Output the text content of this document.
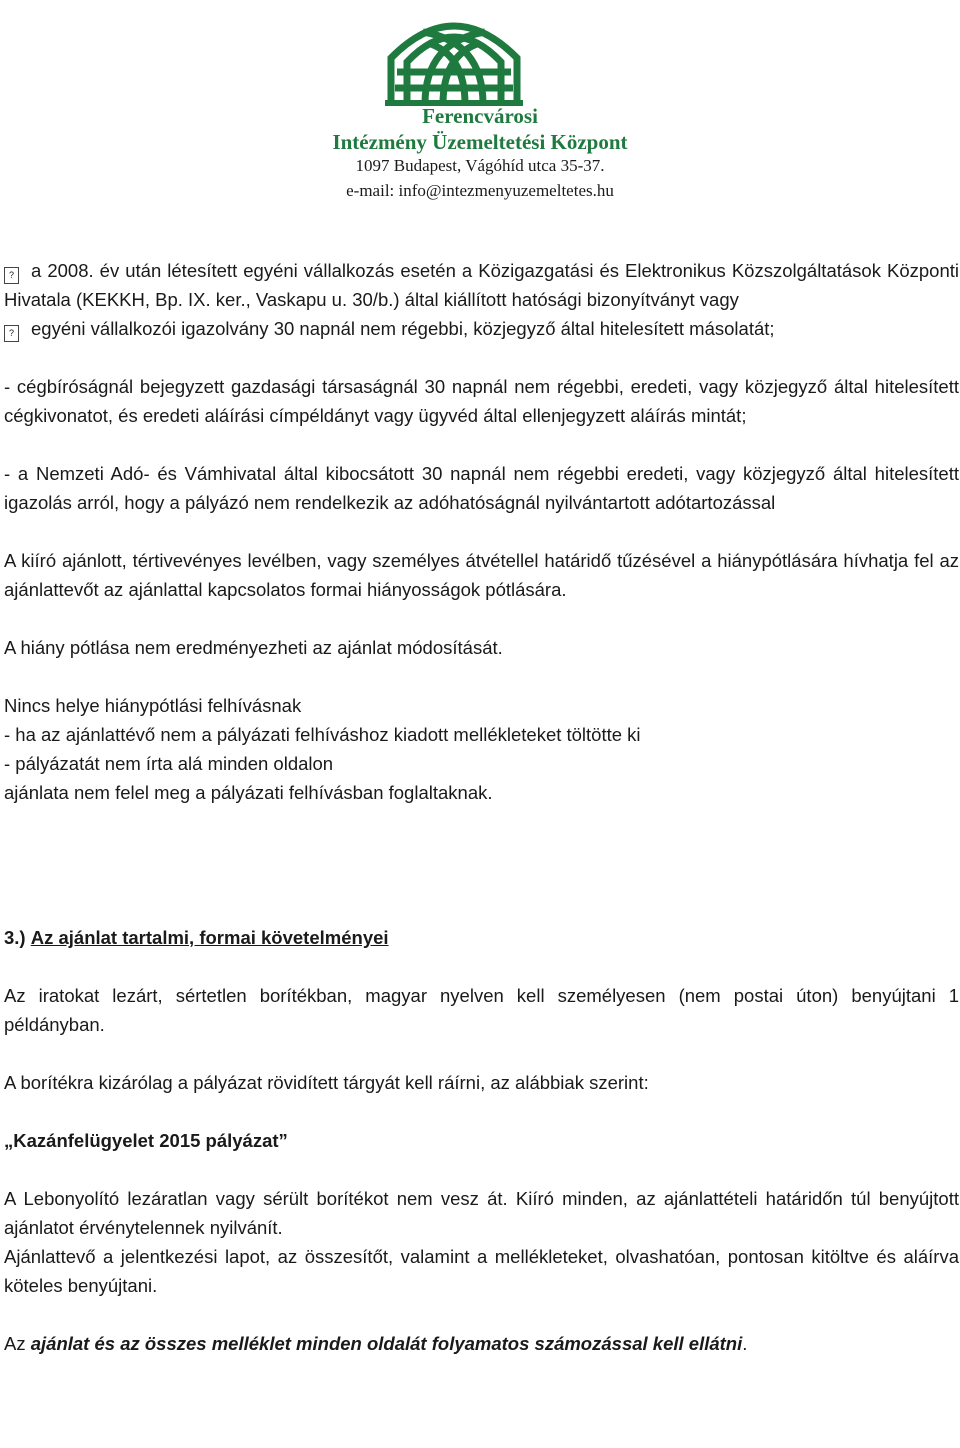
Ferencvárosi
Intézmény Üzemeltetési Központ
1097 Budapest, Vágóhíd utca 35-37.
e-mail: info@intezmenyuzemeltetes.hu

? a 2008. év után létesített egyéni vállalkozás esetén a Közigazgatási és Elektronikus Közszolgáltatások Központi Hivatala (KEKKH, Bp. IX. ker., Vaskapu u. 30/b.) által kiállított hatósági bizonyítványt vagy

? egyéni vállalkozói igazolvány 30 napnál nem régebbi, közjegyző által hitelesített másolatát;

- cégbíróságnál bejegyzett gazdasági társaságnál 30 napnál nem régebbi, eredeti, vagy közjegyző által hitelesített cégkivonatot, és eredeti aláírási címpéldányt vagy ügyvéd által ellenjegyzett aláírás mintát;

- a Nemzeti Adó- és Vámhivatal által kibocsátott 30 napnál nem régebbi eredeti, vagy közjegyző által hitelesített igazolás arról, hogy a pályázó nem rendelkezik az adóhatóságnál nyilvántartott adótartozással

A kiíró ajánlott, tértivevényes levélben, vagy személyes átvétellel határidő tűzésével a hiánypótlására hívhatja fel az ajánlattevőt az ajánlattal kapcsolatos formai hiányosságok pótlására.

A hiány pótlása nem eredményezheti az ajánlat módosítását.

Nincs helye hiánypótlási felhívásnak

- ha az ajánlattévő nem a pályázati felhíváshoz kiadott mellékleteket töltötte ki

- pályázatát nem írta alá minden oldalon

ajánlata nem felel meg a pályázati felhívásban foglaltaknak.

3.) Az ajánlat tartalmi, formai követelményei

Az iratokat lezárt, sértetlen borítékban, magyar nyelven kell személyesen (nem postai úton) benyújtani 1 példányban.

A borítékra kizárólag a pályázat rövidített tárgyát kell ráírni, az alábbiak szerint:

„Kazánfelügyelet 2015 pályázat”

A Lebonyolító lezáratlan vagy sérült borítékot nem vesz át. Kiíró minden, az ajánlattételi határidőn túl benyújtott ajánlatot érvénytelennek nyilvánít.

Ajánlattevő a jelentkezési lapot, az összesítőt, valamint a mellékleteket, olvashatóan, pontosan kitöltve és aláírva köteles benyújtani.

Az ajánlat és az összes melléklet minden oldalát folyamatos számozással kell ellátni.
